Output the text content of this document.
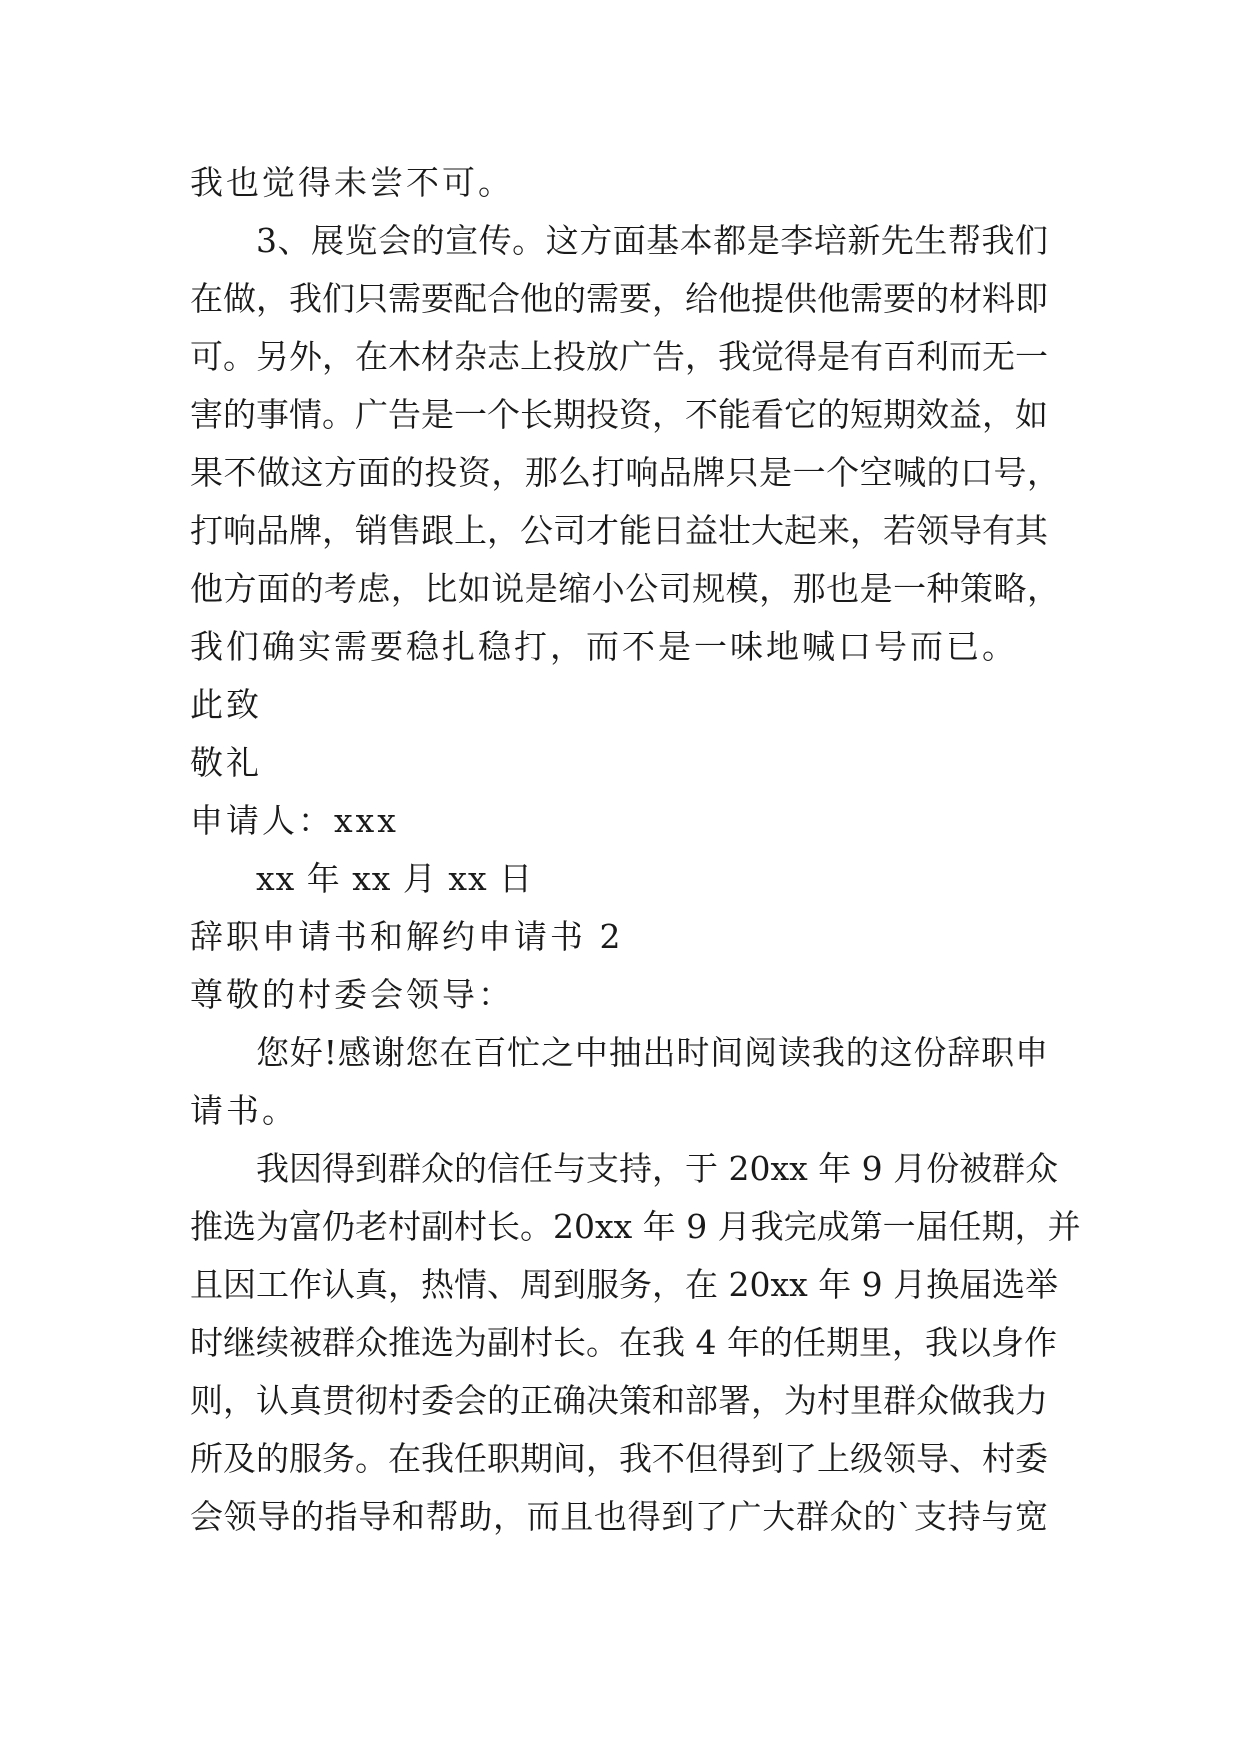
我也觉得未尝不可。
3、展览会的宣传。这方面基本都是李培新先生帮我们
在做，我们只需要配合他的需要，给他提供他需要的材料即
可。另外，在木材杂志上投放广告，我觉得是有百利而无一
害的事情。广告是一个长期投资，不能看它的短期效益，如
果不做这方面的投资，那么打响品牌只是一个空喊的口号，
打响品牌，销售跟上，公司才能日益壮大起来，若领导有其
他方面的考虑，比如说是缩小公司规模，那也是一种策略，
我们确实需要稳扎稳打，而不是一味地喊口号而已。
此致
敬礼
申请人：xxx
xx 年 xx 月 xx 日
辞职申请书和解约申请书 2
尊敬的村委会领导：
您好!感谢您在百忙之中抽出时间阅读我的这份辞职申
请书。
我因得到群众的信任与支持，于 20xx 年 9 月份被群众
推选为富仍老村副村长。20xx 年 9 月我完成第一届任期，并
且因工作认真，热情、周到服务，在 20xx 年 9 月换届选举
时继续被群众推选为副村长。在我 4 年的任期里，我以身作
则，认真贯彻村委会的正确决策和部署，为村里群众做我力
所及的服务。在我任职期间，我不但得到了上级领导、村委
会领导的指导和帮助，而且也得到了广大群众的`支持与宽
